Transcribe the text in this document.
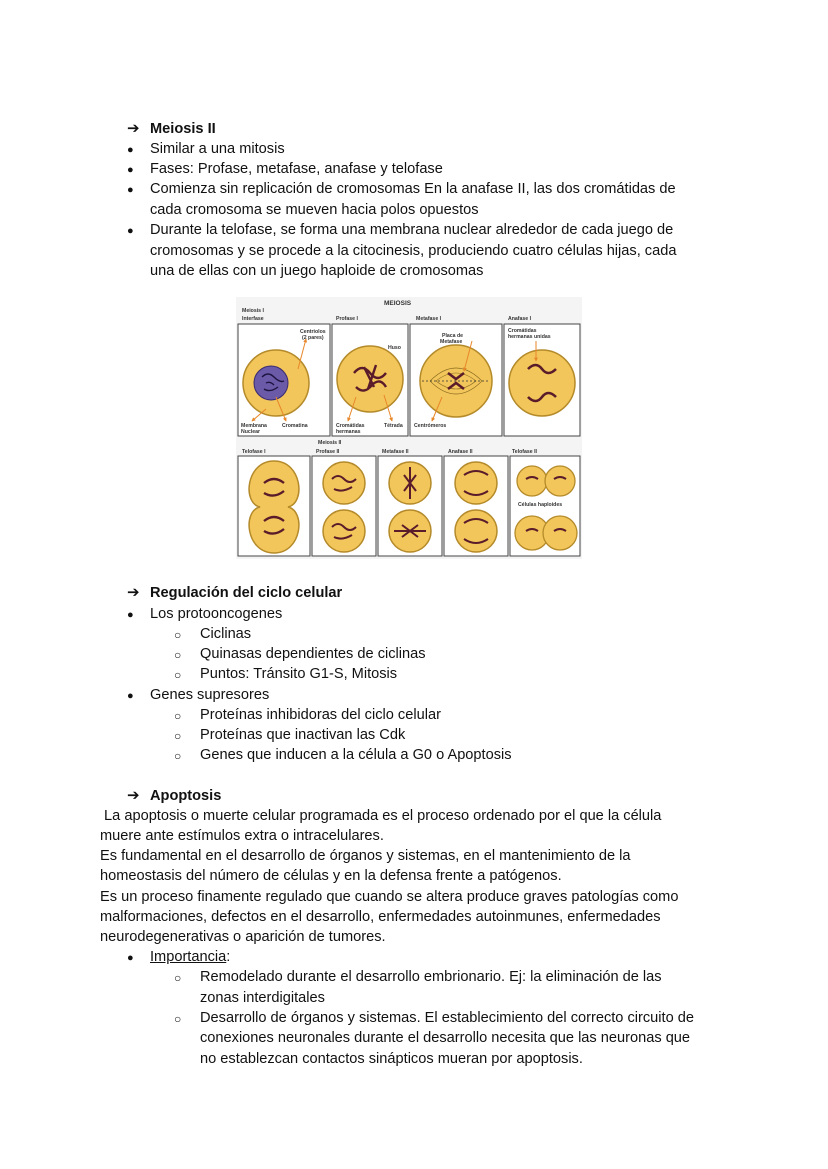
➔ Meiosis II
● Similar a una mitosis
● Fases: Profase, metafase, anafase y telofase
● Comienza sin replicación de cromosomas En la anafase II, las dos cromátidas de
cada cromosoma se mueven hacia polos opuestos
● Durante la telofase, se forma una membrana nuclear alrededor de cada juego de
cromosomas y se procede a la citocinesis, produciendo cuatro células hijas, cada
una de ellas con un juego haploide de cromosomas
MEIOSIS
Meiosis I
Interfase	Profase I	Metafase I	Anafase I
Centriolos
(2 pares)
Membrana
Nuclear
Cromatina	Cromátidas
hermanas
Tétrada
Huso
Placa de
Metafase
Centrómeros
Cromátidas
hermanas unidas
Meiosis II
Telofase I	Profase II	Metafase II	Anafase II	Telofase II
Células haploides
➔ Regulación del ciclo celular
● Los protooncogenes
○ Ciclinas
○ Quinasas dependientes de ciclinas
○ Puntos: Tránsito G1-S, Mitosis
● Genes supresores
○ Proteínas inhibidoras del ciclo celular
○ Proteínas que inactivan las Cdk
○ Genes que inducen a la célula a G0 o Apoptosis
➔ Apoptosis
La apoptosis o muerte celular programada es el proceso ordenado por el que la célula
muere ante estímulos extra o intracelulares.
Es fundamental en el desarrollo de órganos y sistemas, en el mantenimiento de la
homeostasis del número de células y en la defensa frente a patógenos.
Es un proceso finamente regulado que cuando se altera produce graves patologías como
malformaciones, defectos en el desarrollo, enfermedades autoinmunes, enfermedades
neurodegenerativas o aparición de tumores.
● Importancia:
○ Remodelado durante el desarrollo embrionario. Ej: la eliminación de las
zonas interdigitales
○ Desarrollo de órganos y sistemas. El establecimiento del correcto circuito de
conexiones neuronales durante el desarrollo necesita que las neuronas que
no establezcan contactos sinápticos mueran por apoptosis.
